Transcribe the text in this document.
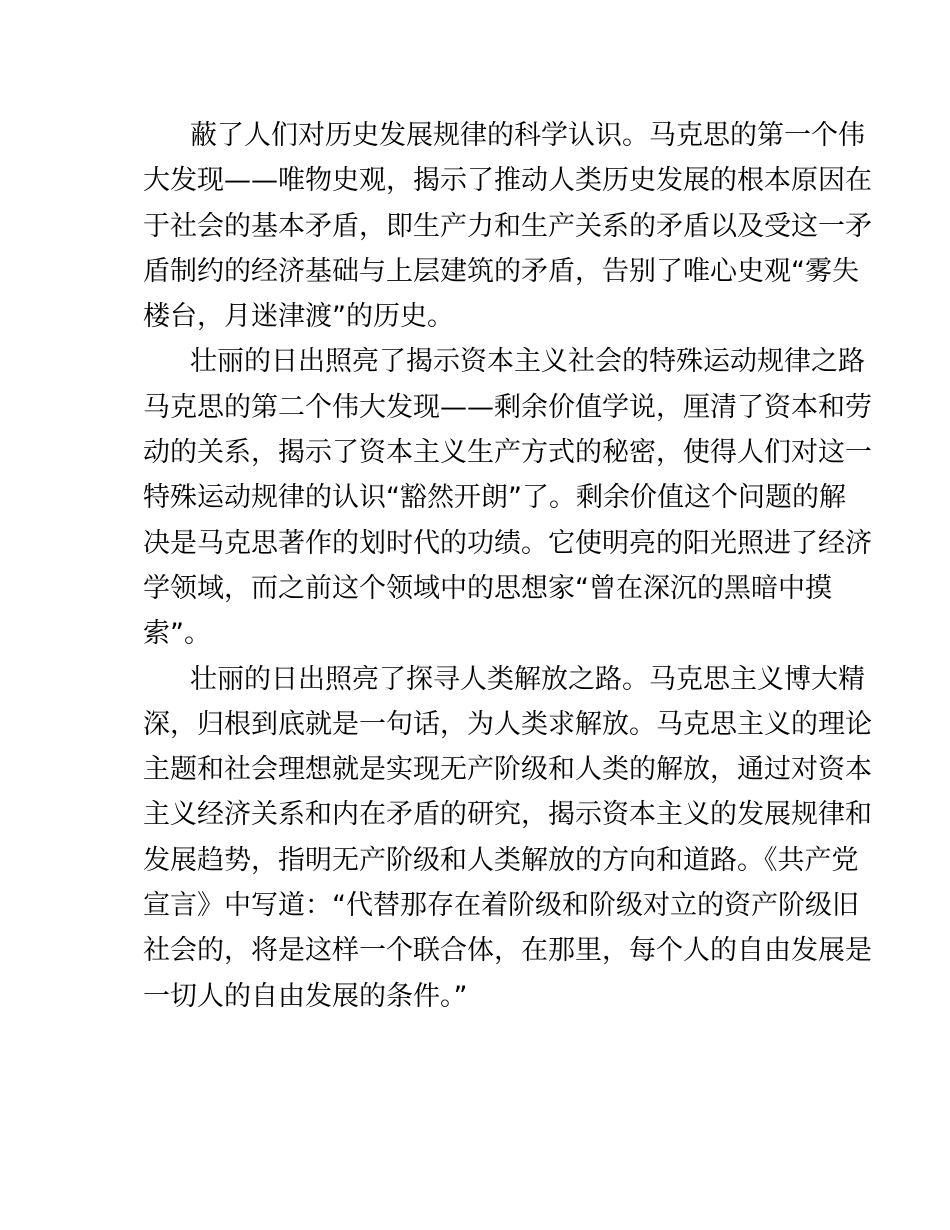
蔽了人们对历史发展规律的科学认识。马克思的第一个伟
大发现——唯物史观，揭示了推动人类历史发展的根本原因在
于社会的基本矛盾，即生产力和生产关系的矛盾以及受这一矛
盾制约的经济基础与上层建筑的矛盾，告别了唯心史观“雾失
楼台，月迷津渡”的历史。
壮丽的日出照亮了揭示资本主义社会的特殊运动规律之路
马克思的第二个伟大发现——剩余价值学说，厘清了资本和劳
动的关系，揭示了资本主义生产方式的秘密，使得人们对这一
特殊运动规律的认识“豁然开朗”了。剩余价值这个问题的解
决是马克思著作的划时代的功绩。它使明亮的阳光照进了经济
学领域，而之前这个领域中的思想家“曾在深沉的黑暗中摸
索”。
壮丽的日出照亮了探寻人类解放之路。马克思主义博大精
深，归根到底就是一句话，为人类求解放。马克思主义的理论
主题和社会理想就是实现无产阶级和人类的解放，通过对资本
主义经济关系和内在矛盾的研究，揭示资本主义的发展规律和
发展趋势，指明无产阶级和人类解放的方向和道路。《共产党
宣言》中写道：“代替那存在着阶级和阶级对立的资产阶级旧
社会的，将是这样一个联合体，在那里，每个人的自由发展是
一切人的自由发展的条件。”
